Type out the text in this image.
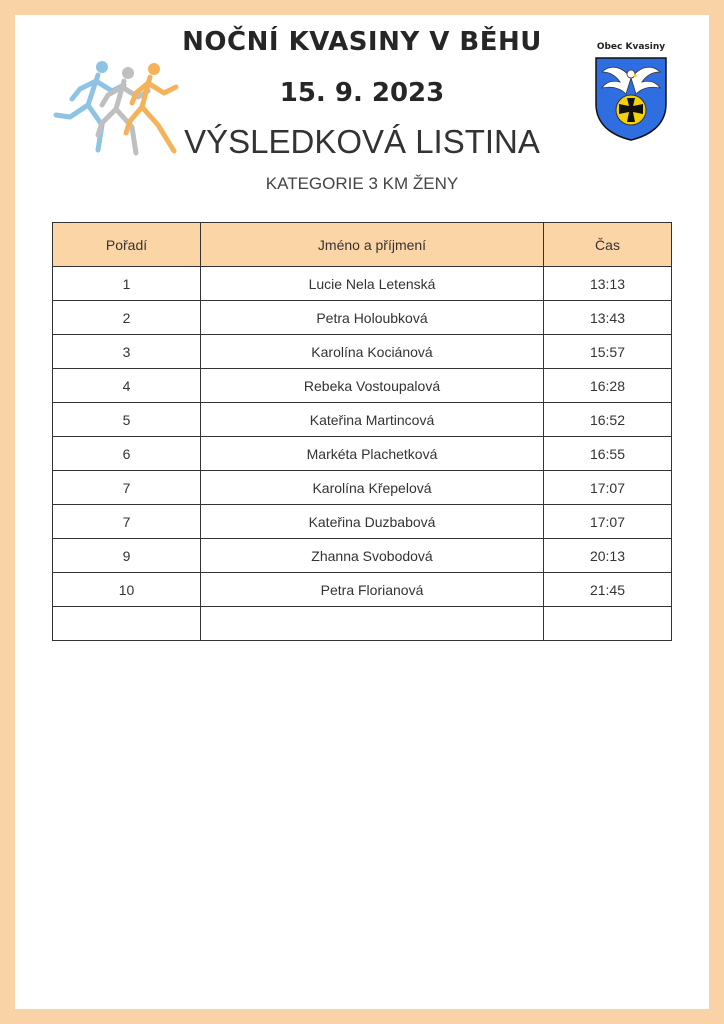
NOČNÍ KVASINY V BĚHU
15. 9. 2023
VÝSLEDKOVÁ LISTINA
KATEGORIE 3 KM ŽENY
Obec Kvasiny
Pořadí	Jméno a příjmení	Čas
1	Lucie Nela Letenská	13:13
2	Petra Holoubková	13:43
3	Karolína Kociánová	15:57
4	Rebeka Vostoupalová	16:28
5	Kateřina Martincová	16:52
6	Markéta Plachetková	16:55
7	Karolína Křepelová	17:07
7	Kateřina Duzbabová	17:07
9	Zhanna Svobodová	20:13
10	Petra Florianová	21:45
